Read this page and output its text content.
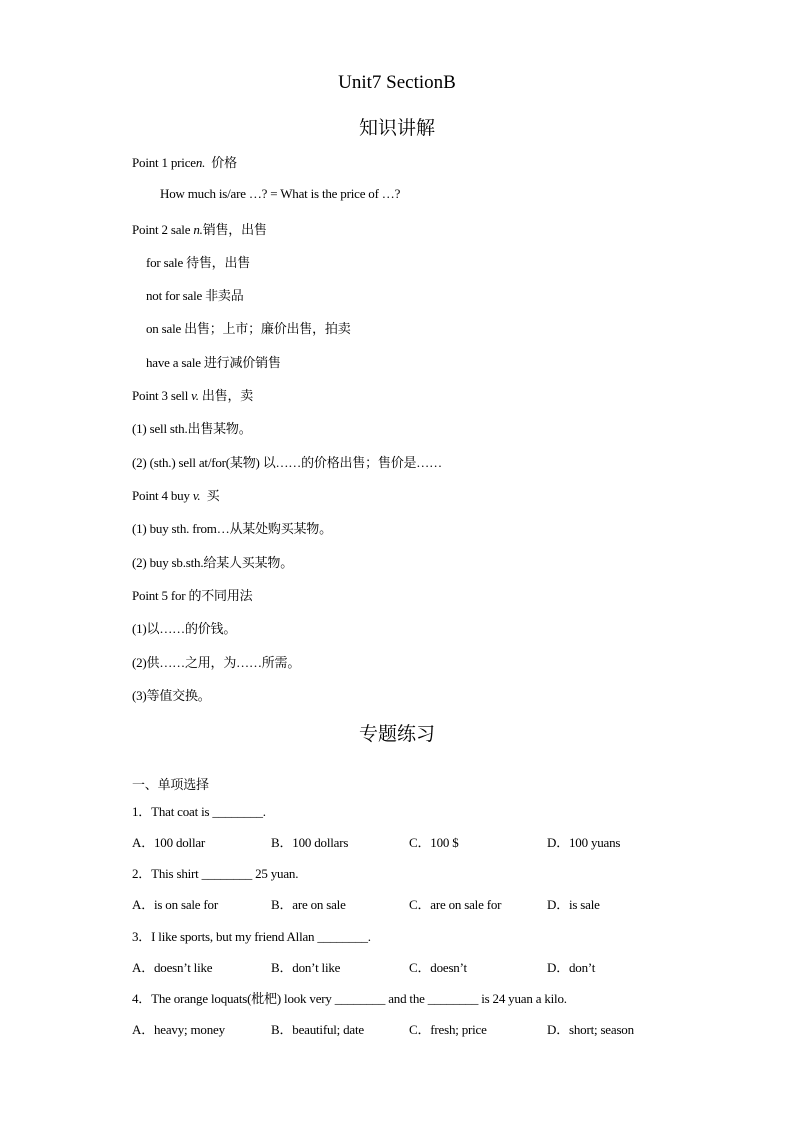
Unit7 SectionB
知识讲解
Point 1 pricen.  价格
How much is/are …? = What is the price of …?
Point 2 sale n.销售，出售
for sale 待售，出售
not for sale 非卖品
on sale 出售；上市；廉价出售，拍卖
have a sale 进行减价销售
Point 3 sell v. 出售，卖
(1) sell sth.出售某物。
(2) (sth.) sell at/for(某物) 以……的价格出售；售价是……
Point 4 buy v.  买
(1) buy sth. from…从某处购买某物。
(2) buy sb.sth.给某人买某物。
Point 5 for 的不同用法
(1)以……的价钱。
(2)供……之用，为……所需。
(3)等值交换。
专题练习
一、单项选择
1．That coat is ________.
A．100 dollar	B．100 dollars	C．100 $	D．100 yuans
2．This shirt ________ 25 yuan.
A．is on sale for	B．are on sale	C．are on sale for	D．is sale
3．I like sports, but my friend Allan ________.
A．doesn’t like	B．don’t like	C．doesn’t	D．don’t
4．The orange loquats(枇杷) look very ________ and the ________ is 24 yuan a kilo.
A．heavy; money	B．beautiful; date	C．fresh; price	D．short; season
